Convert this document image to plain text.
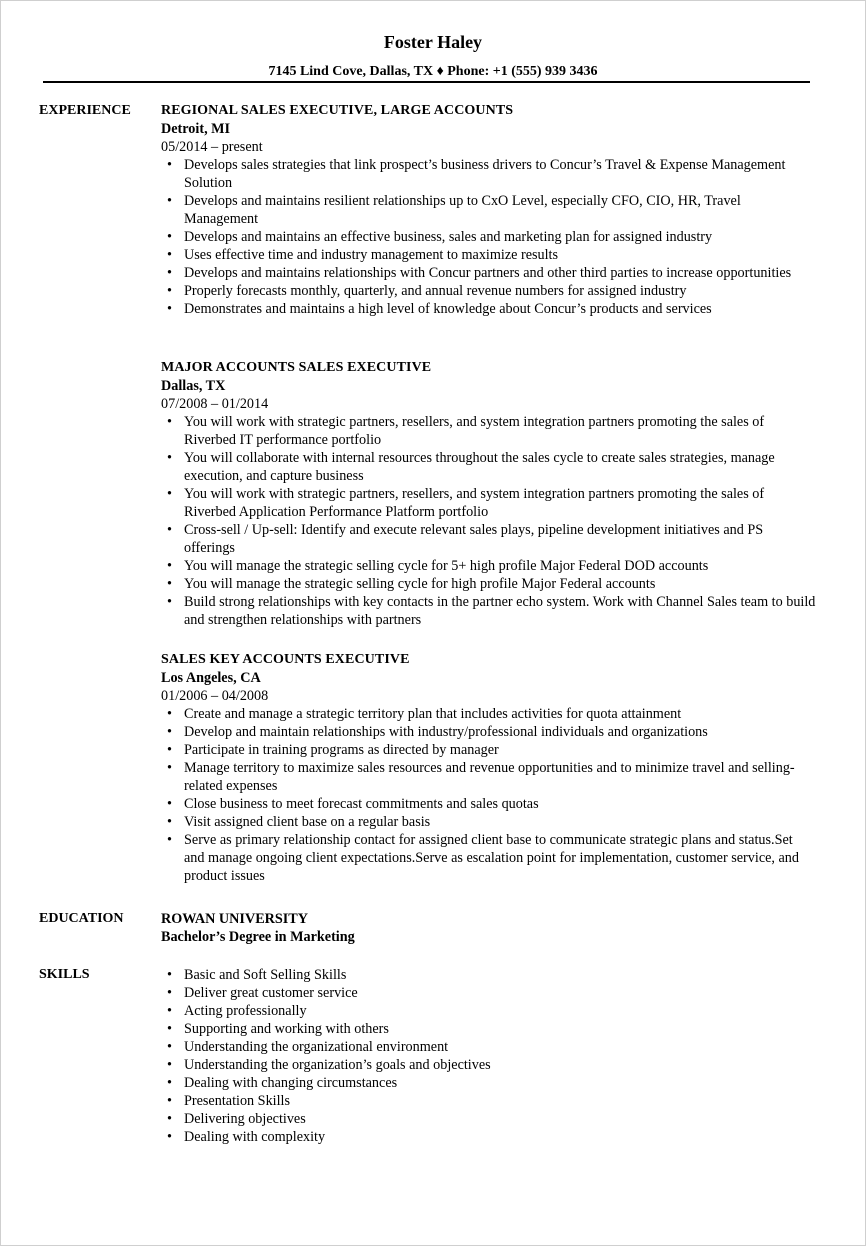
Foster Haley
7145 Lind Cove, Dallas, TX ♦ Phone: +1 (555) 939 3436
EXPERIENCE REGIONAL SALES EXECUTIVE, LARGE ACCOUNTS
Detroit, MI
05/2014 – present
• Develops sales strategies that link prospect’s business drivers to Concur’s Travel & Expense Management Solution
• Develops and maintains resilient relationships up to CxO Level, especially CFO, CIO, HR, Travel Management
• Develops and maintains an effective business, sales and marketing plan for assigned industry
• Uses effective time and industry management to maximize results
• Develops and maintains relationships with Concur partners and other third parties to increase opportunities
• Properly forecasts monthly, quarterly, and annual revenue numbers for assigned industry
• Demonstrates and maintains a high level of knowledge about Concur’s products and services
MAJOR ACCOUNTS SALES EXECUTIVE
Dallas, TX
07/2008 – 01/2014
• You will work with strategic partners, resellers, and system integration partners promoting the sales of Riverbed IT performance portfolio
• You will collaborate with internal resources throughout the sales cycle to create sales strategies, manage execution, and capture business
• You will work with strategic partners, resellers, and system integration partners promoting the sales of Riverbed Application Performance Platform portfolio
• Cross-sell / Up-sell: Identify and execute relevant sales plays, pipeline development initiatives and PS offerings
• You will manage the strategic selling cycle for 5+ high profile Major Federal DOD accounts
• You will manage the strategic selling cycle for high profile Major Federal accounts
• Build strong relationships with key contacts in the partner echo system. Work with Channel Sales team to build and strengthen relationships with partners
SALES KEY ACCOUNTS EXECUTIVE
Los Angeles, CA
01/2006 – 04/2008
• Create and manage a strategic territory plan that includes activities for quota attainment
• Develop and maintain relationships with industry/professional individuals and organizations
• Participate in training programs as directed by manager
• Manage territory to maximize sales resources and revenue opportunities and to minimize travel and selling-related expenses
• Close business to meet forecast commitments and sales quotas
• Visit assigned client base on a regular basis
• Serve as primary relationship contact for assigned client base to communicate strategic plans and status.Set and manage ongoing client expectations.Serve as escalation point for implementation, customer service, and product issues
EDUCATION	ROWAN UNIVERSITY
Bachelor’s Degree in Marketing
SKILLS
•	Basic and Soft Selling Skills
• Deliver great customer service
• Acting professionally
• Supporting and working with others
• Understanding the organizational environment
• Understanding the organization’s goals and objectives
• Dealing with changing circumstances
• Presentation Skills
• Delivering objectives
• Dealing with complexity
